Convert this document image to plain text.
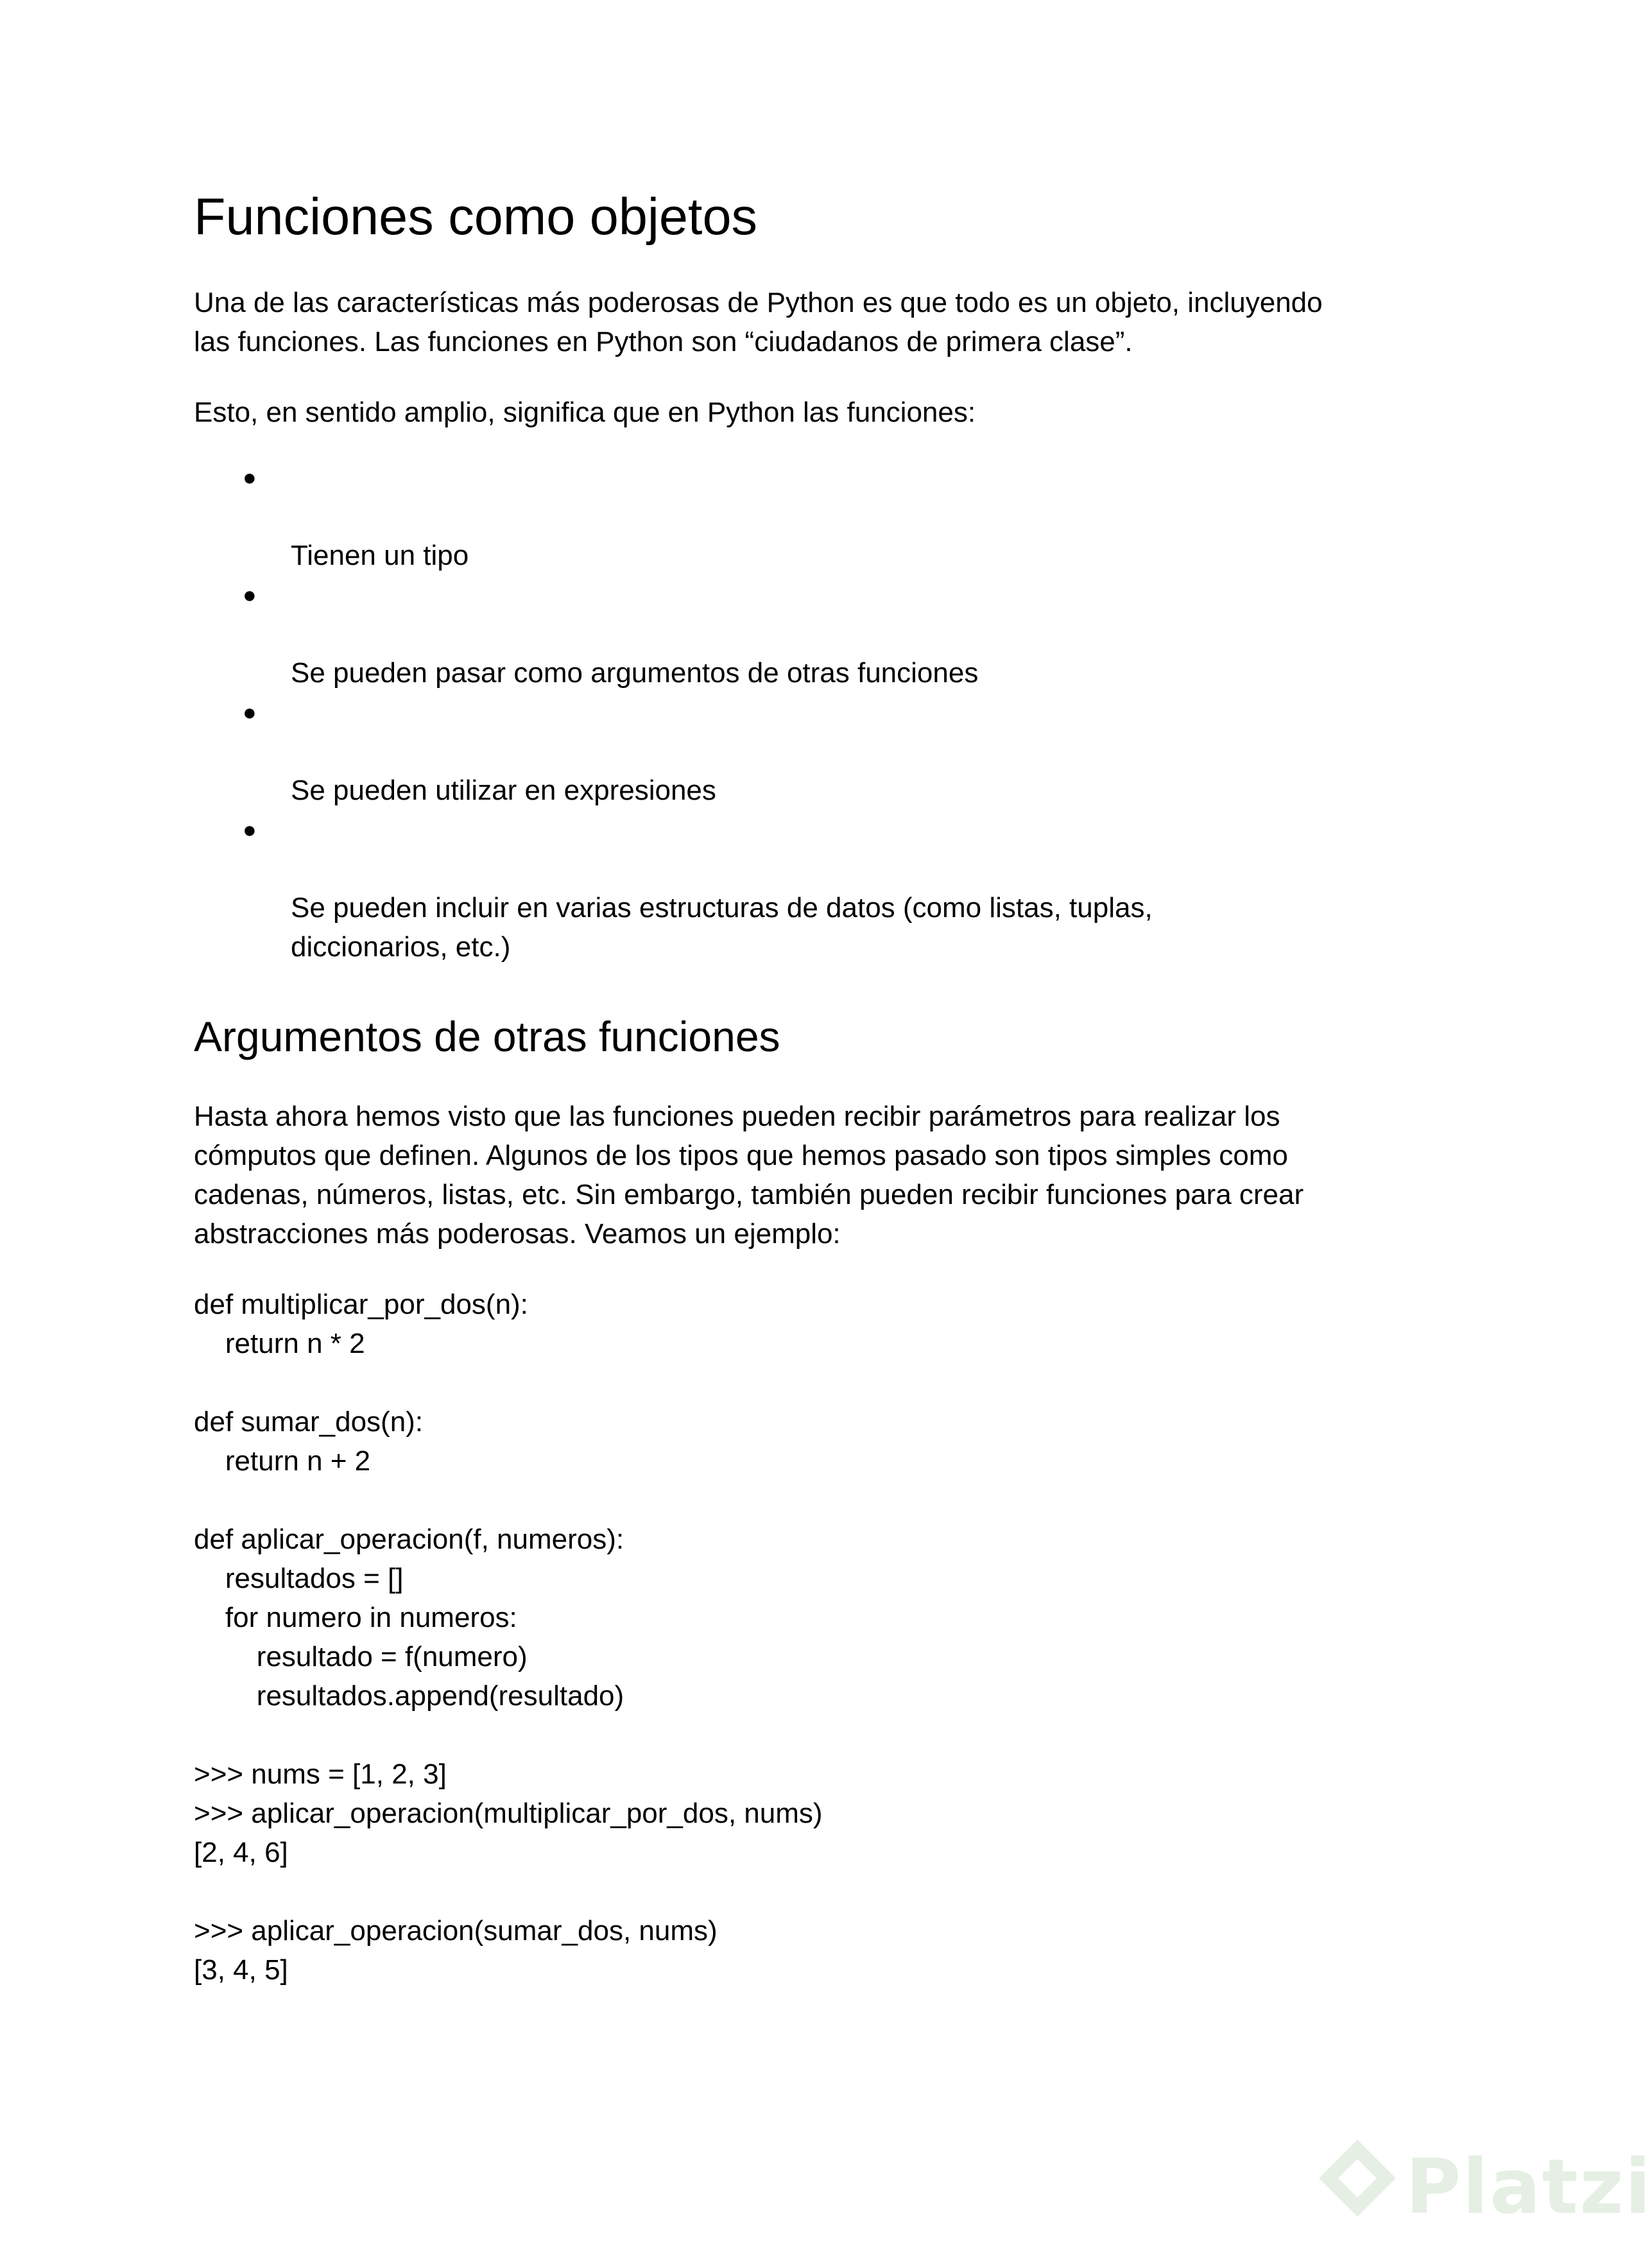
Funciones como objetos

Una de las características más poderosas de Python es que todo es un objeto, incluyendo
las funciones. Las funciones en Python son “ciudadanos de primera clase”.

Esto, en sentido amplio, significa que en Python las funciones:

●

Tienen un tipo

●

Se pueden pasar como argumentos de otras funciones

●

Se pueden utilizar en expresiones

●

Se pueden incluir en varias estructuras de datos (como listas, tuplas,
diccionarios, etc.)

Argumentos de otras funciones

Hasta ahora hemos visto que las funciones pueden recibir parámetros para realizar los
cómputos que definen. Algunos de los tipos que hemos pasado son tipos simples como
cadenas, números, listas, etc. Sin embargo, también pueden recibir funciones para crear
abstracciones más poderosas. Veamos un ejemplo:

def multiplicar_por_dos(n):
return n * 2

def sumar_dos(n):
return n + 2

def aplicar_operacion(f, numeros):
resultados = []
for numero in numeros:
resultado = f(numero)
resultados.append(resultado)

>>> nums = [1, 2, 3]
>>> aplicar_operacion(multiplicar_por_dos, nums)
[2, 4, 6]

>>> aplicar_operacion(sumar_dos, nums)
[3, 4, 5]
Platzi
